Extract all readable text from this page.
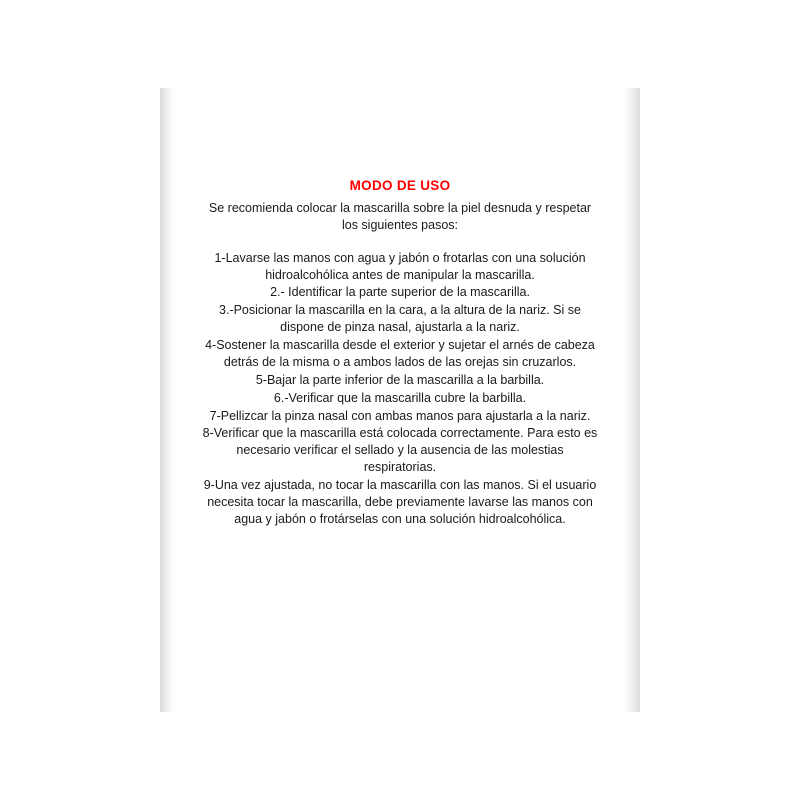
MODO DE USO

Se recomienda colocar la mascarilla sobre la piel desnuda y respetar los siguientes pasos:

1-Lavarse las manos con agua y jabón o frotarlas con una solución hidroalcohólica antes de manipular la mascarilla.
2.- Identificar la parte superior de la mascarilla.
3.-Posicionar la mascarilla en la cara, a la altura de la nariz. Si se dispone de pinza nasal, ajustarla a la nariz.
4-Sostener la mascarilla desde el exterior y sujetar el arnés de cabeza detrás de la misma o a ambos lados de las orejas sin cruzarlos.
5-Bajar la parte inferior de la mascarilla a la barbilla.
6.-Verificar que la mascarilla cubre la barbilla.
7-Pellizcar la pinza nasal con ambas manos para ajustarla a la nariz.
8-Verificar que la mascarilla está colocada correctamente. Para esto es necesario verificar el sellado y la ausencia de las molestias respiratorias.
9-Una vez ajustada, no tocar la mascarilla con las manos. Si el usuario necesita tocar la mascarilla, debe previamente lavarse las manos con agua y jabón o frotárselas con una solución hidroalcohólica.
